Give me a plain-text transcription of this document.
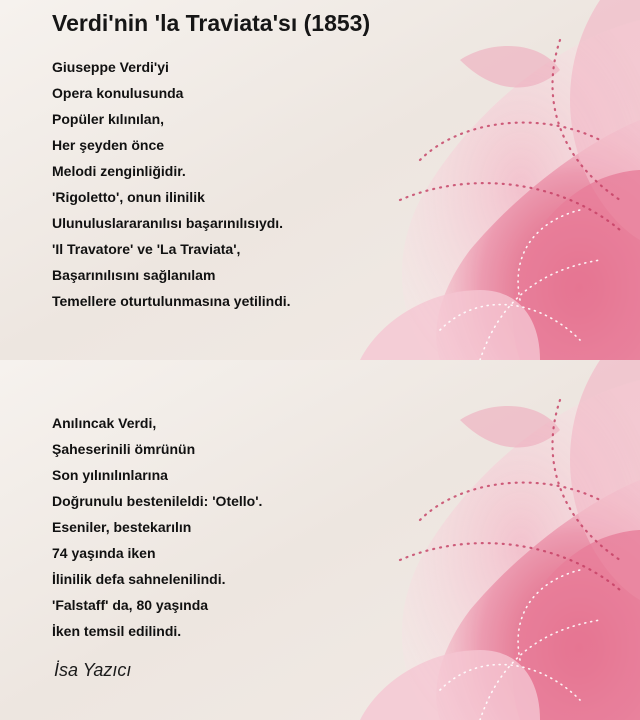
Verdi'nin 'la Traviata'sı (1853)
Giuseppe Verdi'yi
Opera konulusunda
Popüler kılınılan,
Her şeyden önce
Melodi zenginliğidir.
'Rigoletto', onun ilinilik
Ulunuluslararanılısı başarınılısıydı.
'Il Travatore' ve 'La Traviata',
Başarınılısını sağlanılam
Temellere oturtulunmasına yetilindi.
Anılıncak Verdi,
Şaheserinili ömrünün
Son yılınılınlarına
Doğrunulu bestenileldi: 'Otello'.
Eseniler, bestekarılın
74 yaşında iken
İlinilik defa sahnelenilindi.
'Falstaff' da, 80 yaşında
İken temsil edilindi.
İsa Yazıcı
